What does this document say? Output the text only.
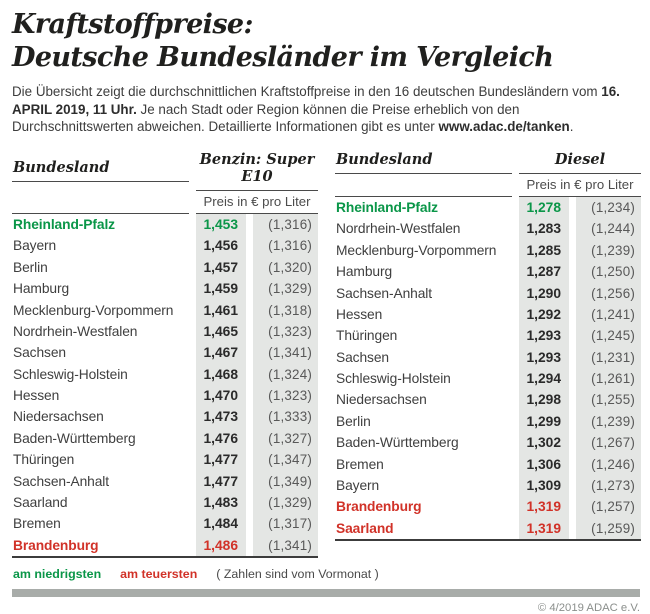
Kraftstoffpreise:
Deutsche Bundesländer im Vergleich

Die Übersicht zeigt die durchschnittlichen Kraftstoffpreise in den 16 deutschen Bundesländern vom 16. APRIL 2019, 11 Uhr. Je nach Stadt oder Region können die Preise erheblich von den Durchschnittswerten abweichen. Detaillierte Informationen gibt es unter www.adac.de/tanken.

Bundesland	Benzin: Super E10
Preis in € pro Liter
Rheinland-Pfalz	1,453	(1,316)
Bayern	1,456	(1,316)
Berlin	1,457	(1,320)
Hamburg	1,459	(1,329)
Mecklenburg-Vorpommern	1,461	(1,318)
Nordrhein-Westfalen	1,465	(1,323)
Sachsen	1,467	(1,341)
Schleswig-Holstein	1,468	(1,324)
Hessen	1,470	(1,323)
Niedersachsen	1,473	(1,333)
Baden-Württemberg	1,476	(1,327)
Thüringen	1,477	(1,347)
Sachsen-Anhalt	1,477	(1,349)
Saarland	1,483	(1,329)
Bremen	1,484	(1,317)
Brandenburg	1,486	(1,341)
Bundesland	Diesel
Preis in € pro Liter
Rheinland-Pfalz	1,278	(1,234)
Nordrhein-Westfalen	1,283	(1,244)
Mecklenburg-Vorpommern	1,285	(1,239)
Hamburg	1,287	(1,250)
Sachsen-Anhalt	1,290	(1,256)
Hessen	1,292	(1,241)
Thüringen	1,293	(1,245)
Sachsen	1,293	(1,231)
Schleswig-Holstein	1,294	(1,261)
Niedersachsen	1,298	(1,255)
Berlin	1,299	(1,239)
Baden-Württemberg	1,302	(1,267)
Bremen	1,306	(1,246)
Bayern	1,309	(1,273)
Brandenburg	1,319	(1,257)
Saarland	1,319	(1,259)
am niedrigsten am teuersten ( Zahlen sind vom Vormonat )
© 4/2019 ADAC e.V.
